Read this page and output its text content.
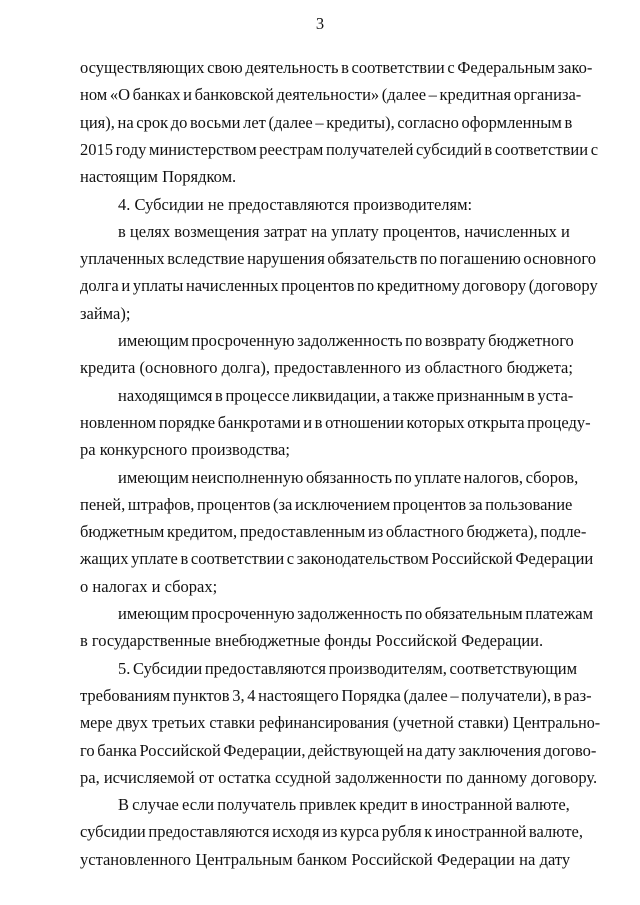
3
осуществляющих свою деятельность в соответствии с Федеральным зако-
ном «О банках и банковской деятельности» (далее – кредитная организа-
ция), на срок до восьми лет (далее – кредиты), согласно оформленным в
2015 году министерством реестрам получателей субсидий в соответствии с
настоящим Порядком.
4. Субсидии не предоставляются производителям:
в целях возмещения затрат на уплату процентов, начисленных и
уплаченных вследствие нарушения обязательств по погашению основного
долга и уплаты начисленных процентов по кредитному договору (договору
займа);
имеющим просроченную задолженность по возврату бюджетного
кредита (основного долга), предоставленного из областного бюджета;
находящимся в процессе ликвидации, а также признанным в уста-
новленном порядке банкротами и в отношении которых открыта процеду-
ра конкурсного производства;
имеющим неисполненную обязанность по уплате налогов, сборов,
пеней, штрафов, процентов (за исключением процентов за пользование
бюджетным кредитом, предоставленным из областного бюджета), подле-
жащих уплате в соответствии с законодательством Российской Федерации
о налогах и сборах;
имеющим просроченную задолженность по обязательным платежам
в государственные внебюджетные фонды Российской Федерации.
5. Субсидии предоставляются производителям, соответствующим
требованиям пунктов 3, 4 настоящего Порядка (далее – получатели), в раз-
мере двух третьих ставки рефинансирования (учетной ставки) Центрально-
го банка Российской Федерации, действующей на дату заключения догово-
ра, исчисляемой от остатка ссудной задолженности по данному договору.
В случае если получатель привлек кредит в иностранной валюте,
субсидии предоставляются исходя из курса рубля к иностранной валюте,
установленного Центральным банком Российской Федерации на дату
